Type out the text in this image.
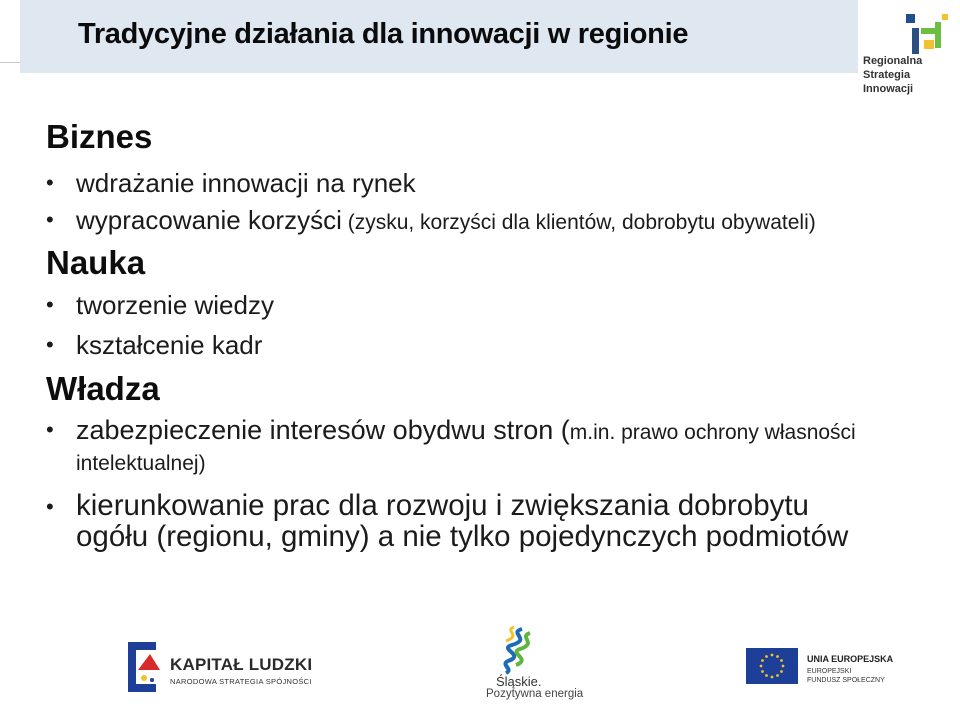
Tradycyjne działania dla innowacji w regionie
Regionalna
Strategia
Innowacji
Biznes
• wdrażanie innowacji na rynek
• wypracowanie korzyści (zysku, korzyści dla klientów, dobrobytu obywateli)
Nauka
• tworzenie wiedzy
• kształcenie kadr
Władza
• zabezpieczenie interesów obydwu stron (m.in. prawo ochrony własności intelektualnej)
• kierunkowanie prac dla rozwoju i zwiększania dobrobytu
ogółu (regionu, gminy) a nie tylko pojedynczych podmiotów
KAPITAŁ LUDZKI
NARODOWA STRATEGIA SPÓJNOŚCI	Śląskie.
Pozytywna energia
UNIA EUROPEJSKA
EUROPEJSKI
FUNDUSZ SPOŁECZNY
